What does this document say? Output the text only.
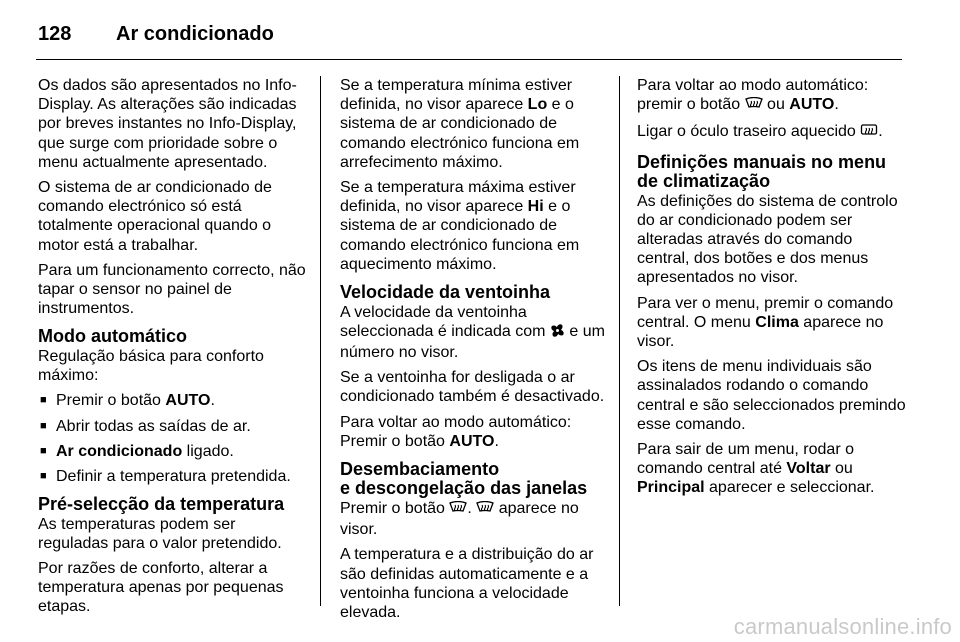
128	Ar condicionado

Os dados são apresentados no Info-Display. As alterações são indicadas por breves instantes no Info-Display, que surge com prioridade sobre o menu actualmente apresentado.

O sistema de ar condicionado de comando electrónico só está totalmente operacional quando o motor está a trabalhar.

Para um funcionamento correcto, não tapar o sensor no painel de instrumentos.

Modo automático

Regulação básica para conforto máximo:

■ Premir o botão AUTO.
■ Abrir todas as saídas de ar.
■ Ar condicionado ligado.
■ Definir a temperatura pretendida.
Pré-selecção da temperatura

As temperaturas podem ser reguladas para o valor pretendido.

Por razões de conforto, alterar a temperatura apenas por pequenas etapas.

Se a temperatura mínima estiver definida, no visor aparece Lo e o sistema de ar condicionado de comando electrónico funciona em arrefecimento máximo.

Se a temperatura máxima estiver definida, no visor aparece Hi e o sistema de ar condicionado de comando electrónico funciona em aquecimento máximo.

Velocidade da ventoinha

A velocidade da ventoinha seleccionada é indicada com  e um número no visor.

Se a ventoinha for desligada o ar condicionado também é desactivado.

Para voltar ao modo automático: Premir o botão AUTO.

Desembaciamento
e descongelação das janelas

Premir o botão .  aparece no visor.

A temperatura e a distribuição do ar são definidas automaticamente e a ventoinha funciona a velocidade elevada.

Para voltar ao modo automático: premir o botão  ou AUTO.

Ligar o óculo traseiro aquecido .

Definições manuais no menu de climatização

As definições do sistema de controlo do ar condicionado podem ser alteradas através do comando central, dos botões e dos menus apresentados no visor.

Para ver o menu, premir o comando central. O menu Clima aparece no visor.

Os itens de menu individuais são assinalados rodando o comando central e são seleccionados premindo esse comando.

Para sair de um menu, rodar o comando central até Voltar ou Principal aparecer e seleccionar.

carmanualsonline.info
